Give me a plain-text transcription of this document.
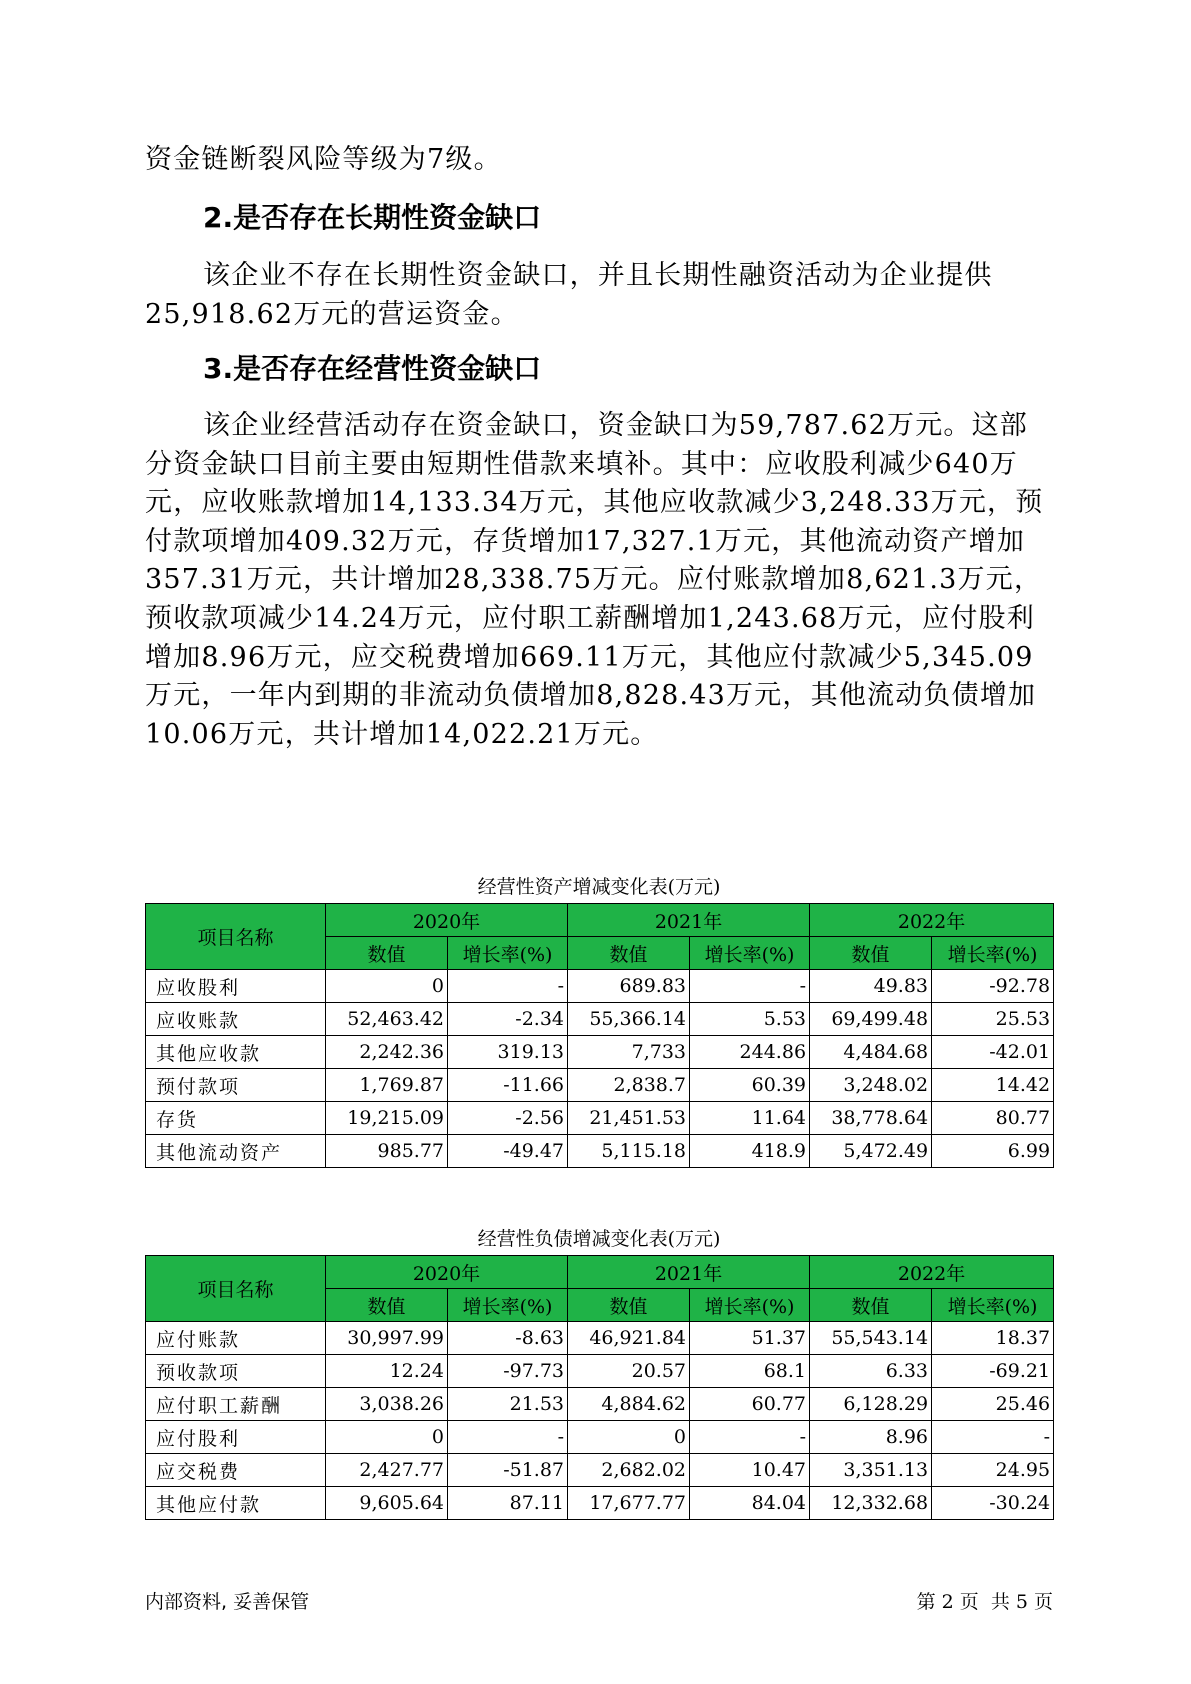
资金链断裂风险等级为7级。

2.是否存在长期性资金缺口

该企业不存在长期性资金缺口，并且长期性融资活动为企业提供25,918.62万元的营运资金。

3.是否存在经营性资金缺口

该企业经营活动存在资金缺口，资金缺口为59,787.62万元。这部分资金缺口目前主要由短期性借款来填补。其中：应收股利减少640万元，应收账款增加14,133.34万元，其他应收款减少3,248.33万元，预付款项增加409.32万元，存货增加17,327.1万元，其他流动资产增加357.31万元，共计增加28,338.75万元。应付账款增加8,621.3万元，预收款项减少14.24万元，应付职工薪酬增加1,243.68万元，应付股利增加8.96万元，应交税费增加669.11万元，其他应付款减少5,345.09万元，一年内到期的非流动负债增加8,828.43万元，其他流动负债增加10.06万元，共计增加14,022.21万元。

经营性资产增减变化表(万元)
项目名称	2020年		2021年		2022年	
	数值	增长率(%)	数值	增长率(%)	数值	增长率(%)
应收股利	0	-	689.83	-	49.83	-92.78
应收账款	52,463.42	-2.34	55,366.14	5.53	69,499.48	25.53
其他应收款	2,242.36	319.13	7,733	244.86	4,484.68	-42.01
预付款项	1,769.87	-11.66	2,838.7	60.39	3,248.02	14.42
存货	19,215.09	-2.56	21,451.53	11.64	38,778.64	80.77
其他流动资产	985.77	-49.47	5,115.18	418.9	5,472.49	6.99
经营性负债增减变化表(万元)
项目名称	2020年		2021年		2022年	
	数值	增长率(%)	数值	增长率(%)	数值	增长率(%)
应付账款	30,997.99	-8.63	46,921.84	51.37	55,543.14	18.37
预收款项	12.24	-97.73	20.57	68.1	6.33	-69.21
应付职工薪酬	3,038.26	21.53	4,884.62	60.77	6,128.29	25.46
应付股利	0	-	0	-	8.96	-
应交税费	2,427.77	-51.87	2,682.02	10.47	3,351.13	24.95
其他应付款	9,605.64	87.11	17,677.77	84.04	12,332.68	-30.24
内部资料, 妥善保管	第 2 页  共 5 页
